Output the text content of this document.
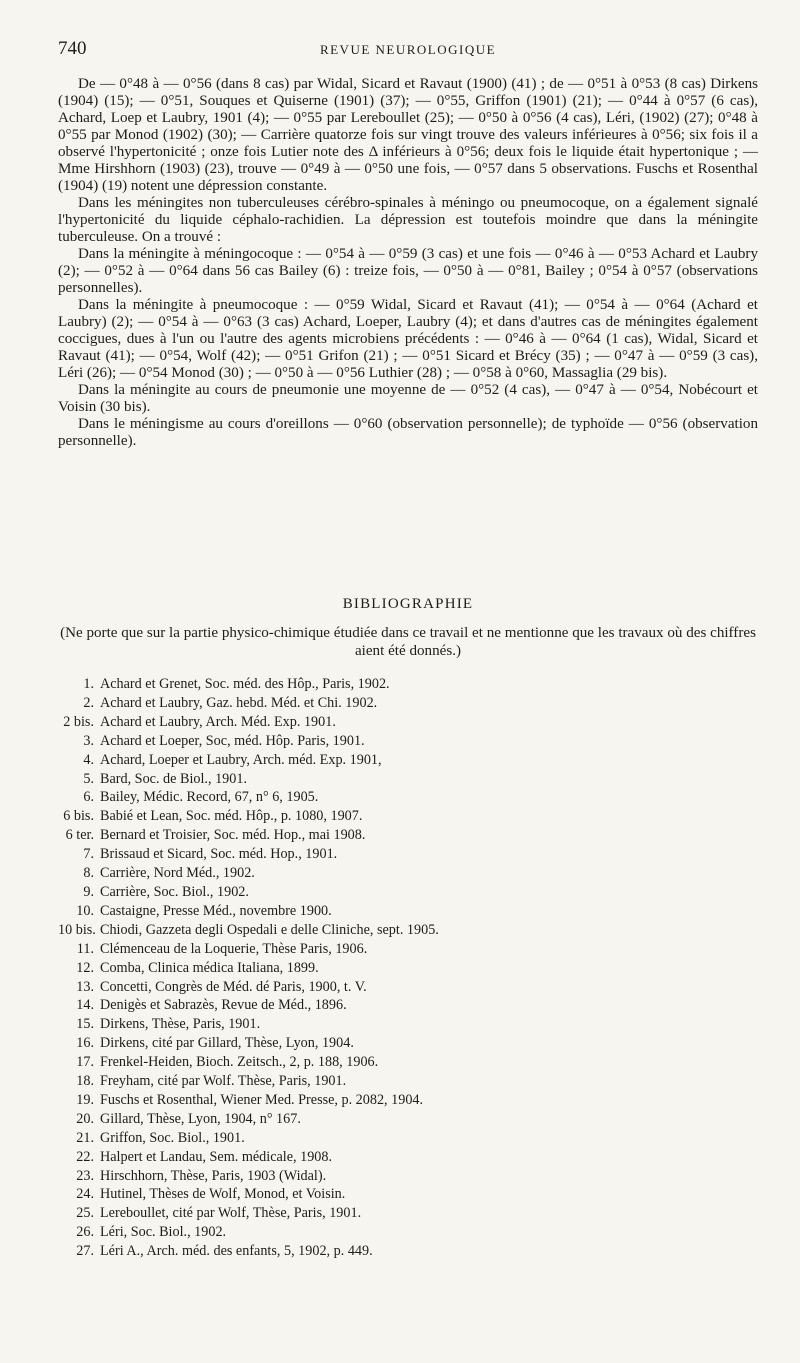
740	REVUE NEUROLOGIQUE

De — 0°48 à — 0°56 (dans 8 cas) par Widal, Sicard et Ravaut (1900) (41) ; de — 0°51 à 0°53 (8 cas) Dirkens (1904) (15); — 0°51, Souques et Quiserne (1901) (37); — 0°55, Griffon (1901) (21); — 0°44 à 0°57 (6 cas), Achard, Loep et Laubry, 1901 (4); — 0°55 par Lereboullet (25); — 0°50 à 0°56 (4 cas), Léri, (1902) (27); 0°48 à 0°55 par Monod (1902) (30); — Carrière quatorze fois sur vingt trouve des valeurs inférieures à 0°56; six fois il a observé l'hypertonicité ; onze fois Lutier note des Δ inférieurs à 0°56; deux fois le liquide était hypertonique ; — Mme Hirshhorn (1903) (23), trouve — 0°49 à — 0°50 une fois, — 0°57 dans 5 observations. Fuschs et Rosenthal (1904) (19) notent une dépression constante.

Dans les méningites non tuberculeuses cérébro-spinales à méningo ou pneumocoque, on a également signalé l'hypertonicité du liquide céphalo-rachidien. La dépression est toutefois moindre que dans la méningite tuberculeuse. On a trouvé :

Dans la méningite à méningocoque : — 0°54 à — 0°59 (3 cas) et une fois — 0°46 à — 0°53 Achard et Laubry (2); — 0°52 à — 0°64 dans 56 cas Bailey (6) : treize fois, — 0°50 à — 0°81, Bailey ; 0°54 à 0°57 (observations personnelles).

Dans la méningite à pneumocoque : — 0°59 Widal, Sicard et Ravaut (41); — 0°54 à — 0°64 (Achard et Laubry) (2); — 0°54 à — 0°63 (3 cas) Achard, Loeper, Laubry (4); et dans d'autres cas de méningites également coccigues, dues à l'un ou l'autre des agents microbiens précédents : — 0°46 à — 0°64 (1 cas), Widal, Sicard et Ravaut (41); — 0°54, Wolf (42); — 0°51 Grifon (21) ; — 0°51 Sicard et Brécy (35) ; — 0°47 à — 0°59 (3 cas), Léri (26); — 0°54 Monod (30) ; — 0°50 à — 0°56 Luthier (28) ; — 0°58 à 0°60, Massaglia (29 bis).

Dans la méningite au cours de pneumonie une moyenne de — 0°52 (4 cas), — 0°47 à — 0°54, Nobécourt et Voisin (30 bis).

Dans le méningisme au cours d'oreillons — 0°60 (observation personnelle); de typhoïde — 0°56 (observation personnelle).

BIBLIOGRAPHIE
(Ne porte que sur la partie physico-chimique étudiée dans ce travail et ne mentionne que les travaux où des chiffres aient été donnés.)
1. Achard et Grenet, Soc. méd. des Hôp., Paris, 1902.
2. Achard et Laubry, Gaz. hebd. Méd. et Chi. 1902.
2 bis. Achard et Laubry, Arch. Méd. Exp. 1901.
3. Achard et Loeper, Soc, méd. Hôp. Paris, 1901.
4. Achard, Loeper et Laubry, Arch. méd. Exp. 1901,
5. Bard, Soc. de Biol., 1901.
6. Bailey, Médic. Record, 67, n° 6, 1905.
6 bis. Babié et Lean, Soc. méd. Hôp., p. 1080, 1907.
6 ter. Bernard et Troisier, Soc. méd. Hop., mai 1908.
7. Brissaud et Sicard, Soc. méd. Hop., 1901.
8. Carrière, Nord Méd., 1902.
9. Carrière, Soc. Biol., 1902.
10. Castaigne, Presse Méd., novembre 1900.
10 bis. Chiodi, Gazzeta degli Ospedali e delle Cliniche, sept. 1905.
11. Clémenceau de la Loquerie, Thèse Paris, 1906.
12. Comba, Clinica médica Italiana, 1899.
13. Concetti, Congrès de Méd. dé Paris, 1900, t. V.
14. Denigès et Sabrazès, Revue de Méd., 1896.
15. Dirkens, Thèse, Paris, 1901.
16. Dirkens, cité par Gillard, Thèse, Lyon, 1904.
17. Frenkel-Heiden, Bioch. Zeitsch., 2, p. 188, 1906.
18. Freyham, cité par Wolf. Thèse, Paris, 1901.
19. Fuschs et Rosenthal, Wiener Med. Presse, p. 2082, 1904.
20. Gillard, Thèse, Lyon, 1904, n° 167.
21. Griffon, Soc. Biol., 1901.
22. Halpert et Landau, Sem. médicale, 1908.
23. Hirschhorn, Thèse, Paris, 1903 (Widal).
24. Hutinel, Thèses de Wolf, Monod, et Voisin.
25. Lereboullet, cité par Wolf, Thèse, Paris, 1901.
26. Léri, Soc. Biol., 1902.
27. Léri A., Arch. méd. des enfants, 5, 1902, p. 449.
